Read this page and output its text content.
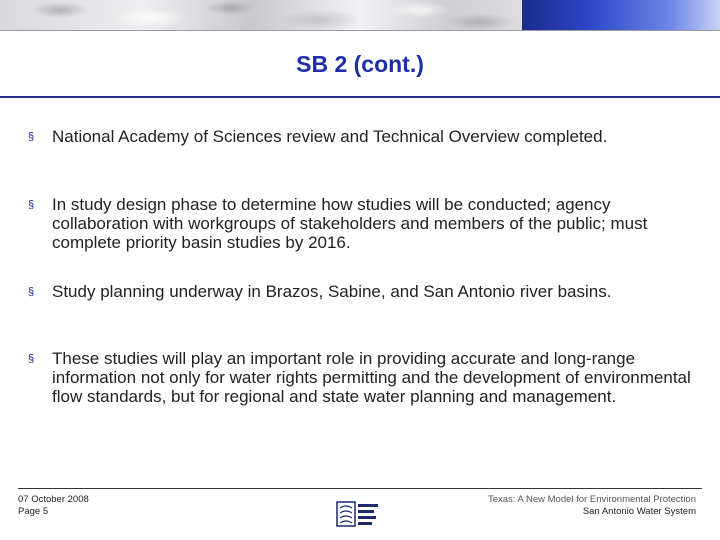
SB 2 (cont.)
§ National Academy of Sciences review and Technical Overview completed.
§ In study design phase to determine how studies will be conducted; agency collaboration with workgroups of stakeholders and members of the public; must complete priority basin studies by 2016.
§ Study planning underway in Brazos, Sabine, and San Antonio river basins.
§ These studies will play an important role in providing accurate and long-range information not only for water rights permitting and the development of environmental flow standards, but for regional and state water planning and management.
07 October 2008
Page 5
Texas: A New Model for Environmental Protection
San Antonio Water System
